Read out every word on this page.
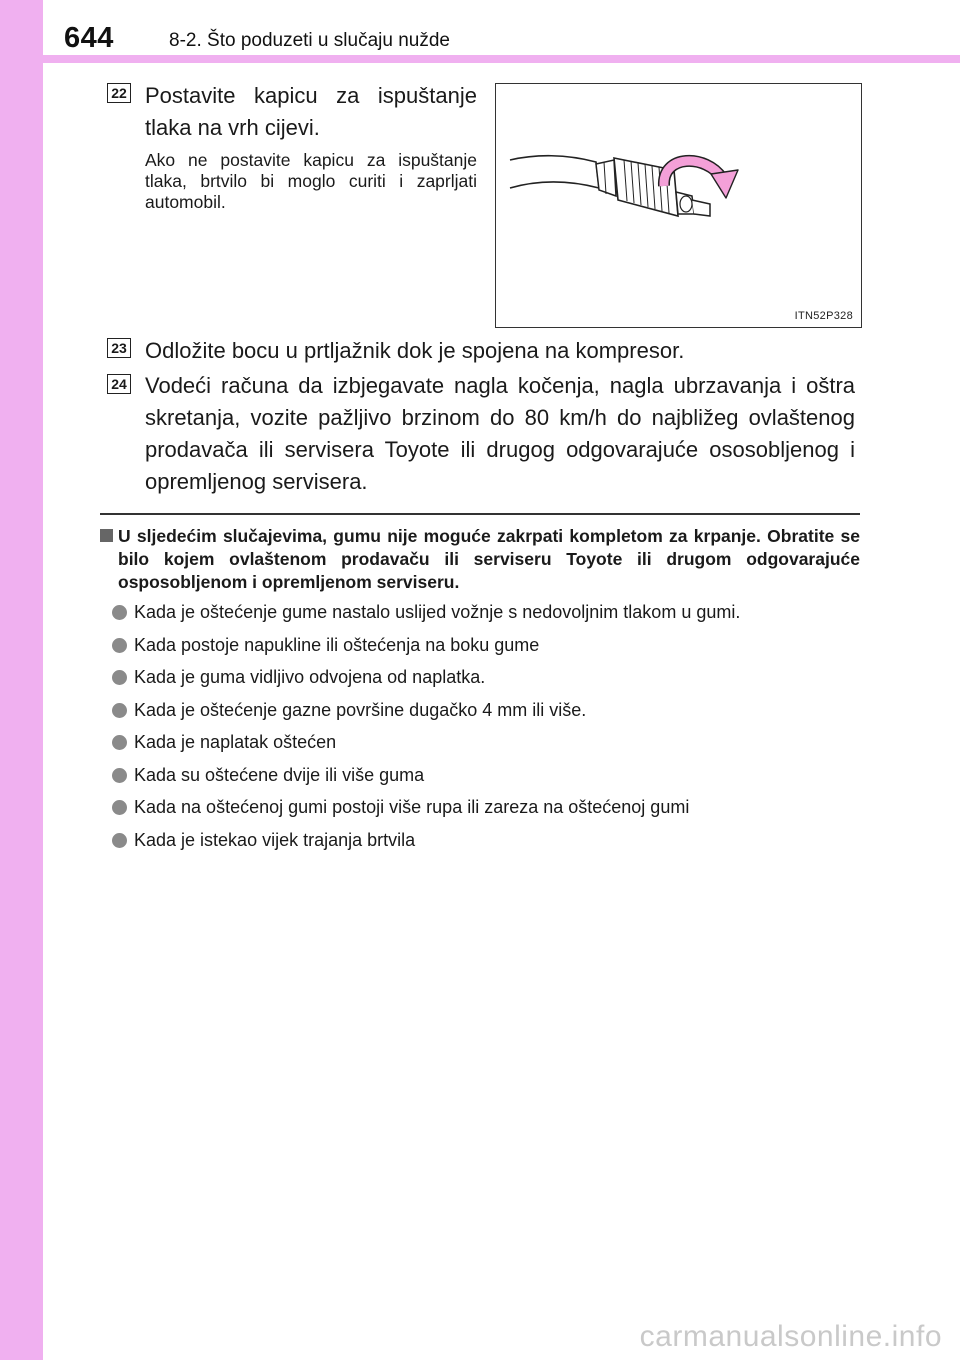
644	8-2. Što poduzeti u slučaju nužde
22 Postavite kapicu za ispuštanje tlaka na vrh cijevi.
Ako ne postavite kapicu za ispuštanje tlaka, brtvilo bi moglo curiti i zaprljati automobil.
ITN52P328
23 Odložite bocu u prtljažnik dok je spojena na kompresor.
24 Vodeći računa da izbjegavate nagla kočenja, nagla ubrzavanja i oštra skretanja, vozite pažljivo brzinom do 80 km/h do najbližeg ovlaštenog prodavača ili servisera Toyote ili drugog odgovarajuće ososobljenog i opremljenog servisera.
U sljedećim slučajevima, gumu nije moguće zakrpati kompletom za krpanje. Obratite se bilo kojem ovlaštenom prodavaču ili serviseru Toyote ili drugom odgovarajuće osposobljenom i opremljenom serviseru.
Kada je oštećenje gume nastalo uslijed vožnje s nedovoljnim tlakom u gumi.
Kada postoje napukline ili oštećenja na boku gume
Kada je guma vidljivo odvojena od naplatka.
Kada je oštećenje gazne površine dugačko 4 mm ili više.
Kada je naplatak oštećen
Kada su oštećene dvije ili više guma
Kada na oštećenoj gumi postoji više rupa ili zareza na oštećenoj gumi
Kada je istekao vijek trajanja brtvila
carmanualsonline.info
